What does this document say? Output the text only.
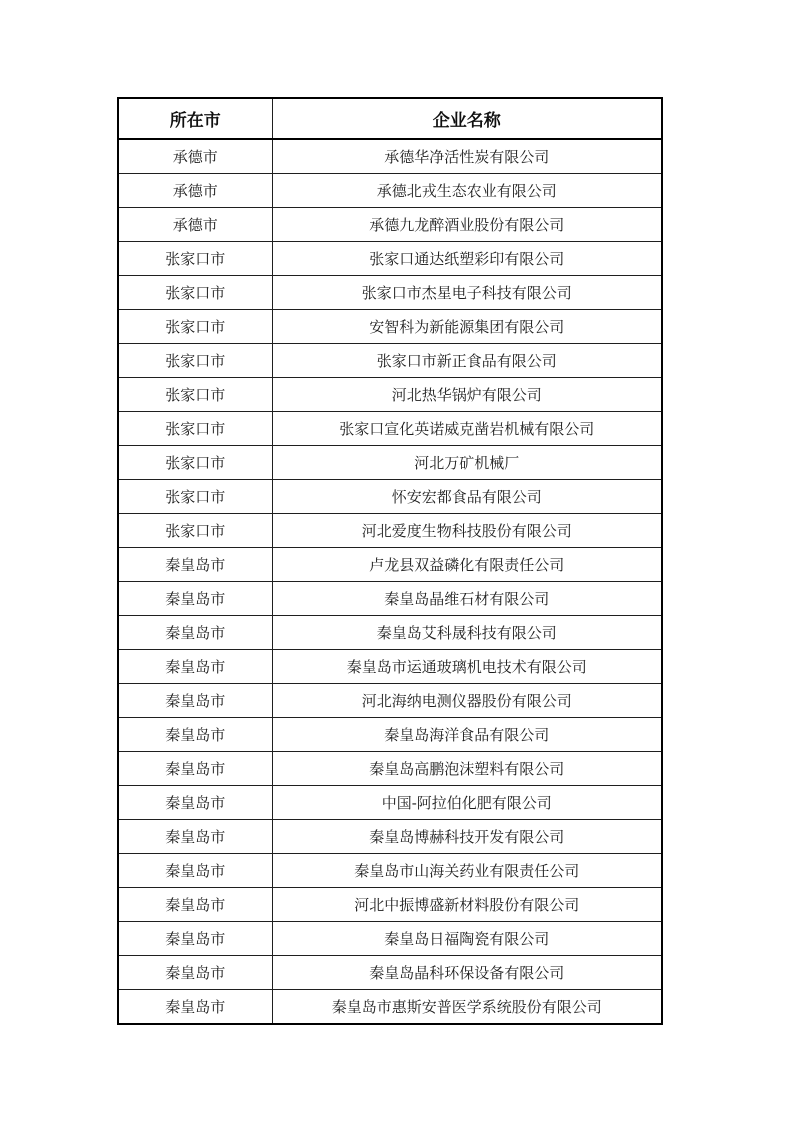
所在市	企业名称
承德市	承德华净活性炭有限公司
承德市	承德北戎生态农业有限公司
承德市	承德九龙醉酒业股份有限公司
张家口市	张家口通达纸塑彩印有限公司
张家口市	张家口市杰星电子科技有限公司
张家口市	安智科为新能源集团有限公司
张家口市	张家口市新正食品有限公司
张家口市	河北热华锅炉有限公司
张家口市	张家口宣化英诺威克凿岩机械有限公司
张家口市	河北万矿机械厂
张家口市	怀安宏都食品有限公司
张家口市	河北爱度生物科技股份有限公司
秦皇岛市	卢龙县双益磷化有限责任公司
秦皇岛市	秦皇岛晶维石材有限公司
秦皇岛市	秦皇岛艾科晟科技有限公司
秦皇岛市	秦皇岛市运通玻璃机电技术有限公司
秦皇岛市	河北海纳电测仪器股份有限公司
秦皇岛市	秦皇岛海洋食品有限公司
秦皇岛市	秦皇岛高鹏泡沫塑料有限公司
秦皇岛市	中国-阿拉伯化肥有限公司
秦皇岛市	秦皇岛博赫科技开发有限公司
秦皇岛市	秦皇岛市山海关药业有限责任公司
秦皇岛市	河北中振博盛新材料股份有限公司
秦皇岛市	秦皇岛日福陶瓷有限公司
秦皇岛市	秦皇岛晶科环保设备有限公司
秦皇岛市	秦皇岛市惠斯安普医学系统股份有限公司
